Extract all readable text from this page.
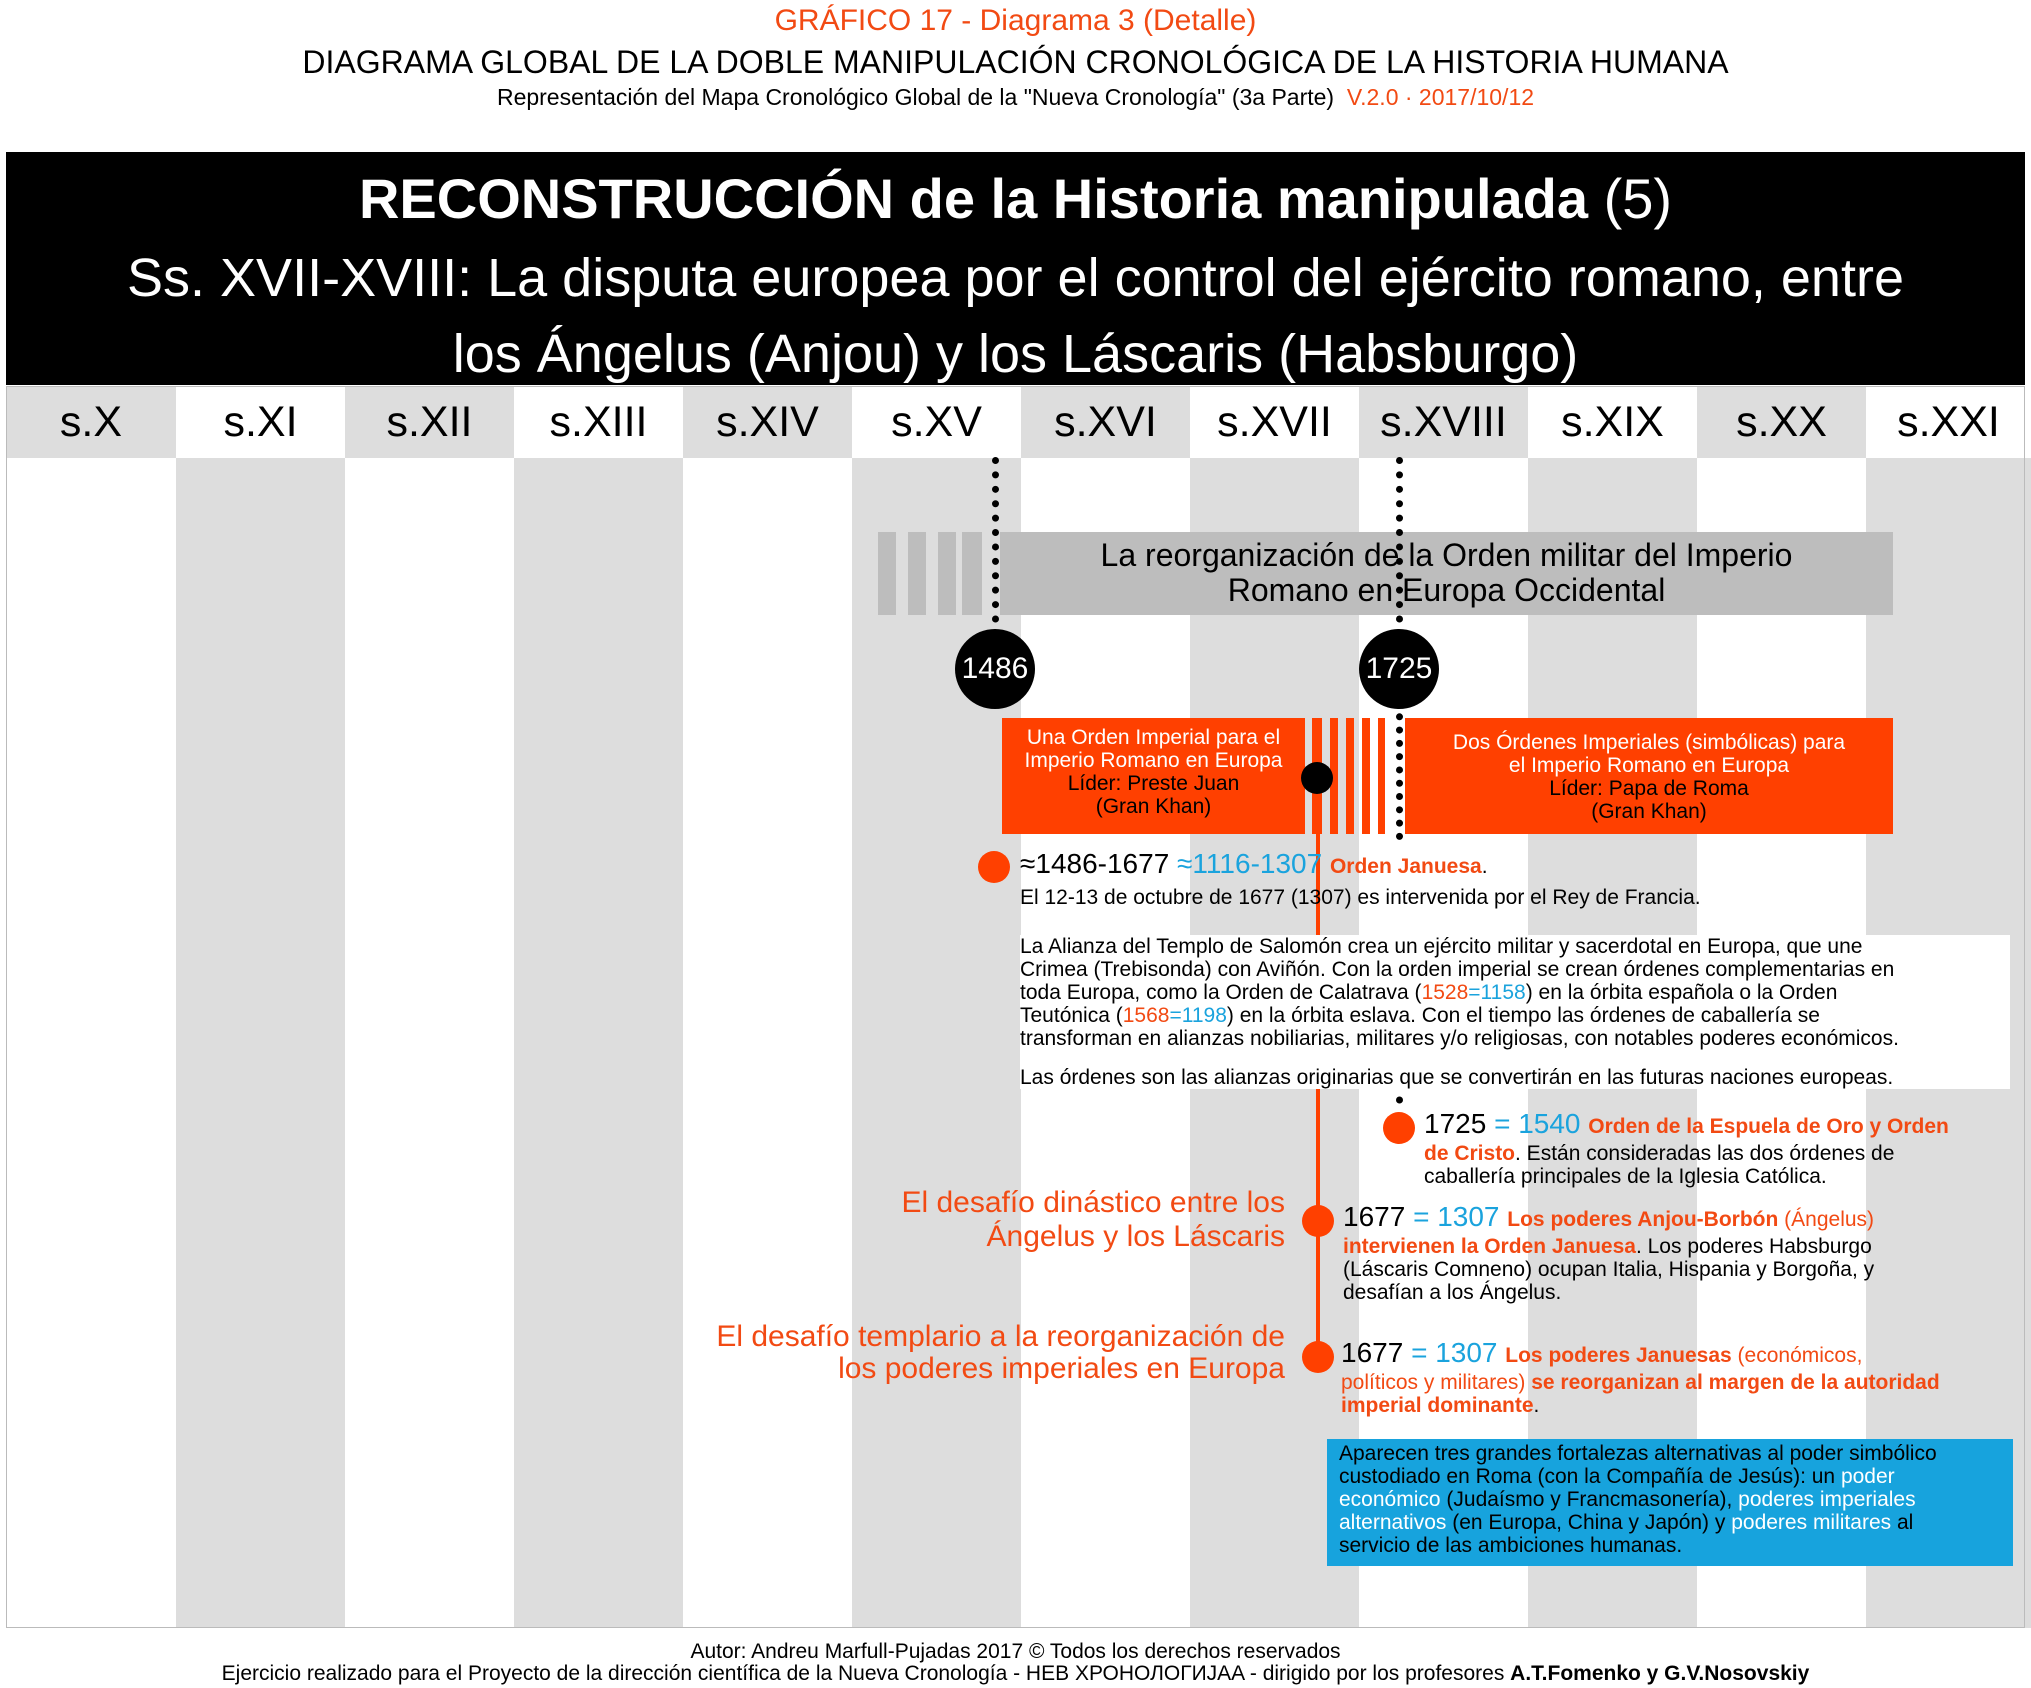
GRÁFICO 17 - Diagrama 3 (Detalle)
DIAGRAMA GLOBAL DE LA DOBLE MANIPULACIÓN CRONOLÓGICA DE LA HISTORIA HUMANA
Representación del Mapa Cronológico Global de la "Nueva Cronología" (3a Parte) V.2.0 · 2017/10/12
RECONSTRUCCIÓN de la Historia manipulada (5)
Ss. XVII-XVIII: La disputa europea por el control del ejército romano, entre
los Ángelus (Anjou) y los Láscaris (Habsburgo)
s.X	s.XI	s.XII	s.XIII	s.XIV	s.XV	s.XVI	s.XVII	s.XVIII	s.XIX	s.XX	s.XXI
La reorganización de la Orden militar del Imperio
Romano en Europa Occidental
1486	1725
Una Orden Imperial para el
Imperio Romano en Europa
Líder: Preste Juan
(Gran Khan)
Dos Órdenes Imperiales (simbólicas) para
el Imperio Romano en Europa
Líder: Papa de Roma
(Gran Khan)
≈1486-1677 ≈1116-1307 Orden Januesa.
El 12-13 de octubre de 1677 (1307) es intervenida por el Rey de Francia.
La Alianza del Templo de Salomón crea un ejército militar y sacerdotal en Europa, que une
Crimea (Trebisonda) con Aviñón. Con la orden imperial se crean órdenes complementarias en
toda Europa, como la Orden de Calatrava (1528=1158) en la órbita española o la Orden
Teutónica (1568=1198) en la órbita eslava. Con el tiempo las órdenes de caballería se
transforman en alianzas nobiliarias, militares y/o religiosas, con notables poderes económicos.
Las órdenes son las alianzas originarias que se convertirán en las futuras naciones europeas.
1725 = 1540 Orden de la Espuela de Oro y Orden
de Cristo. Están consideradas las dos órdenes de
caballería principales de la Iglesia Católica.
El desafío dinástico entre los
Ángelus y los Láscaris
1677 = 1307 Los poderes Anjou-Borbón (Ángelus)
intervienen la Orden Januesa. Los poderes Habsburgo
(Láscaris Comneno) ocupan Italia, Hispania y Borgoña, y
desafían a los Ángelus.
El desafío templario a la reorganización de
los poderes imperiales en Europa 1677 = 1307 Los poderes Januesas (económicos,
políticos y militares) se reorganizan al margen de la autoridad
imperial dominante.
Aparecen tres grandes fortalezas alternativas al poder simbólico
custodiado en Roma (con la Compañía de Jesús): un poder
económico (Judaísmo y Francmasonería), poderes imperiales
alternativos (en Europa, China y Japón) y poderes militares al
servicio de las ambiciones humanas.
Autor: Andreu Marfull-Pujadas 2017 © Todos los derechos reservados
Ejercicio realizado para el Proyecto de la dirección científica de la Nueva Cronología - НЕВ ХРОНОЛОГИJAA - dirigido por los profesores A.T.Fomenko y G.V.Nosovskiy
